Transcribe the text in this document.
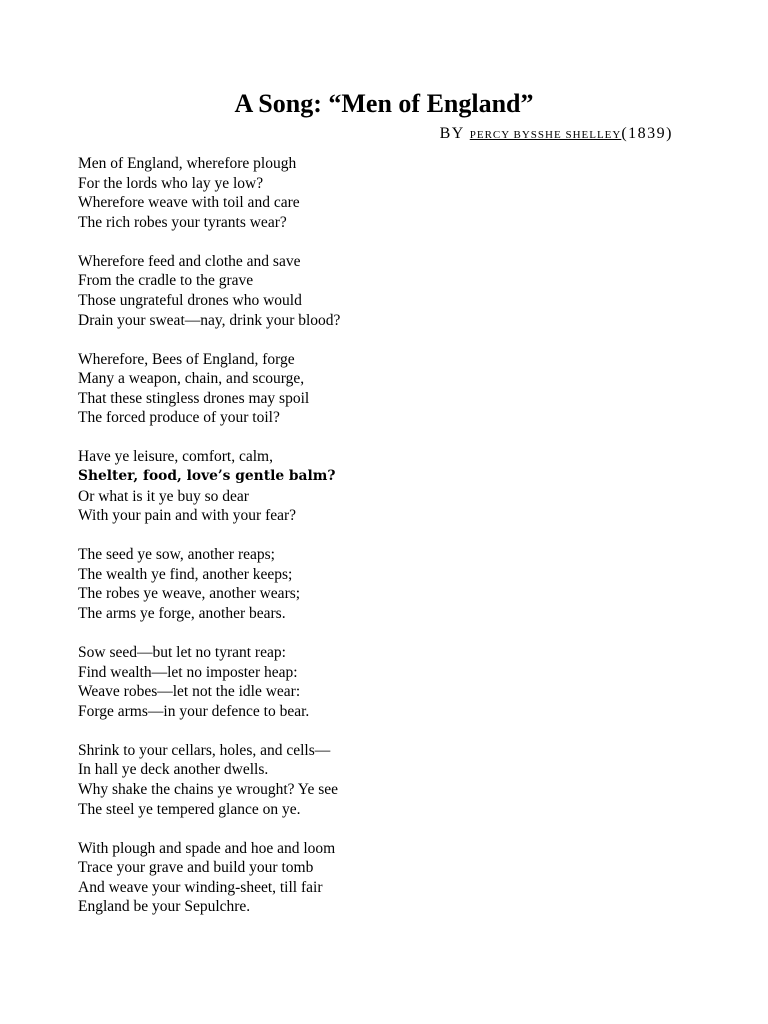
A Song: “Men of England”
BY PERCY BYSSHE SHELLEY(1839)
Men of England, wherefore plough
For the lords who lay ye low?
Wherefore weave with toil and care
The rich robes your tyrants wear?
Wherefore feed and clothe and save
From the cradle to the grave
Those ungrateful drones who would
Drain your sweat—nay, drink your blood?
Wherefore, Bees of England, forge
Many a weapon, chain, and scourge,
That these stingless drones may spoil
The forced produce of your toil?
Have ye leisure, comfort, calm,
Shelter, food, love’s gentle balm?
Or what is it ye buy so dear
With your pain and with your fear?
The seed ye sow, another reaps;
The wealth ye find, another keeps;
The robes ye weave, another wears;
The arms ye forge, another bears.
Sow seed—but let no tyrant reap:
Find wealth—let no imposter heap:
Weave robes—let not the idle wear:
Forge arms—in your defence to bear.
Shrink to your cellars, holes, and cells—
In hall ye deck another dwells.
Why shake the chains ye wrought? Ye see
The steel ye tempered glance on ye.
With plough and spade and hoe and loom
Trace your grave and build your tomb
And weave your winding-sheet, till fair
England be your Sepulchre.
